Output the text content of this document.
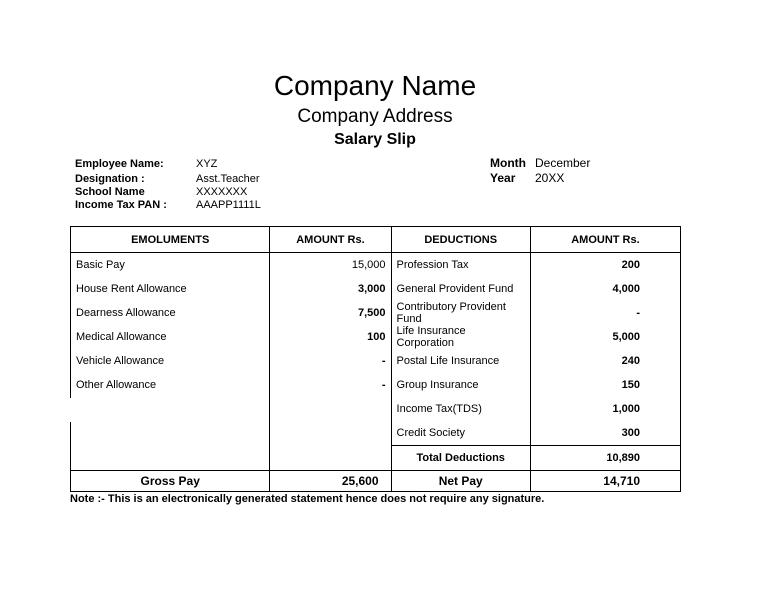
Company Name
Company Address
Salary Slip
Employee Name:	XYZ
Designation :	Asst.Teacher
School Name	XXXXXXX
Income Tax PAN :	AAAPP1111L
Month December
Year 20XX
EMOLUMENTS	AMOUNT Rs.	DEDUCTIONS	AMOUNT Rs.
Basic Pay	15,000	Profession Tax	200
House Rent Allowance	3,000	General Provident Fund	4,000
Dearness Allowance	7,500	Contributory Provident Fund	-
Medical Allowance	100	Life Insurance Corporation	5,000
Vehicle Allowance	-	Postal Life Insurance	240
Other Allowance	-	Group Insurance	150
		Income Tax(TDS)	1,000
		Credit Society	300
		Total Deductions	10,890
Gross Pay	25,600	Net Pay	14,710
Note :- This is an electronically generated statement hence does not require any signature.
